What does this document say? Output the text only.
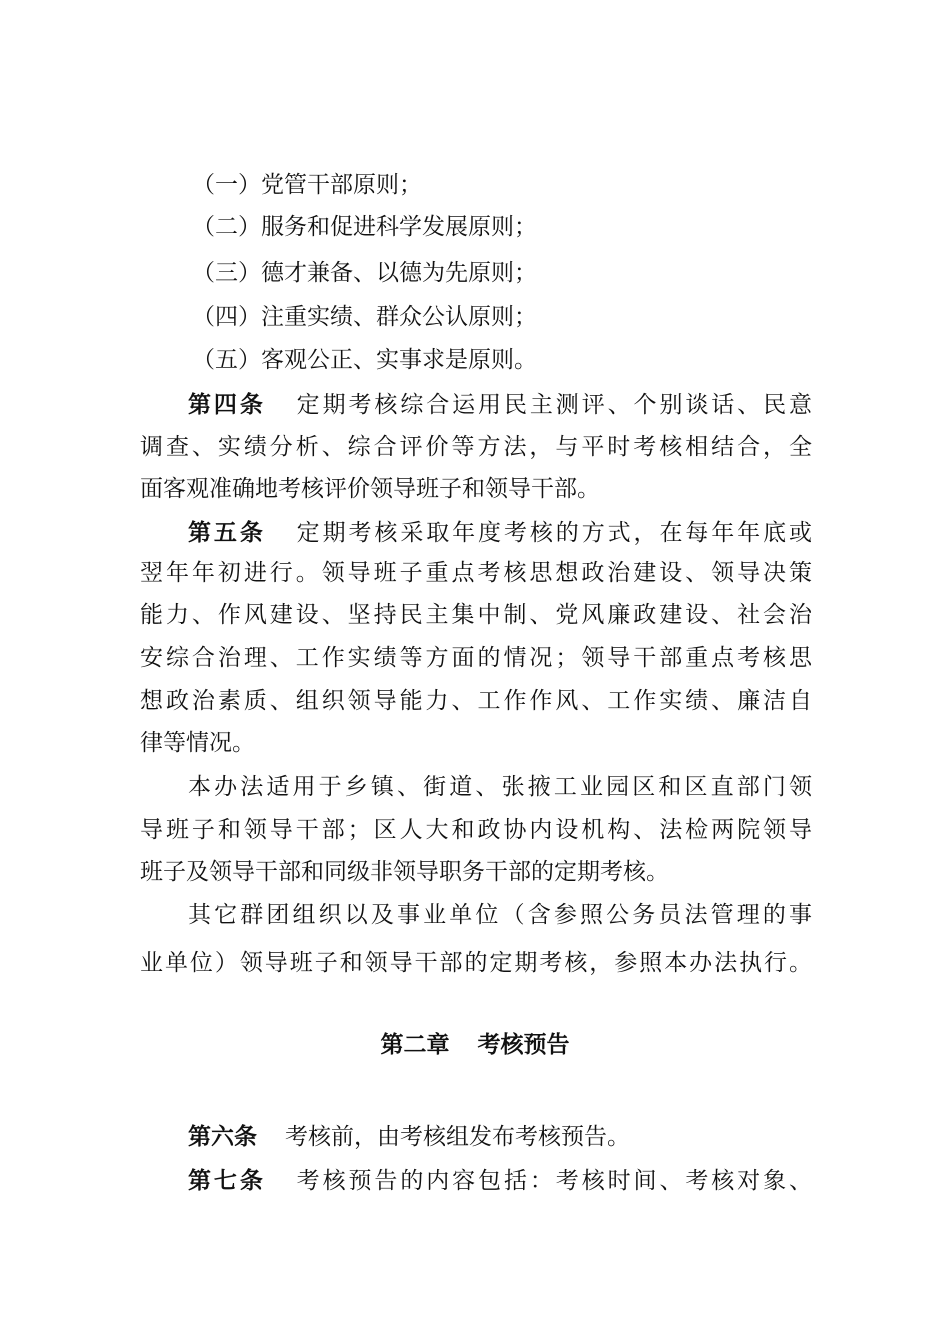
（一）党管干部原则；
（二）服务和促进科学发展原则；
（三）德才兼备、以德为先原则；
（四）注重实绩、群众公认原则；
（五）客观公正、实事求是原则。
第四条 定期考核综合运用民主测评、个别谈话、民意
调查、实绩分析、综合评价等方法，与平时考核相结合，全
面客观准确地考核评价领导班子和领导干部。
第五条 定期考核采取年度考核的方式，在每年年底或
翌年年初进行。领导班子重点考核思想政治建设、领导决策
能力、作风建设、坚持民主集中制、党风廉政建设、社会治
安综合治理、工作实绩等方面的情况；领导干部重点考核思
想政治素质、组织领导能力、工作作风、工作实绩、廉洁自
律等情况。
本办法适用于乡镇、街道、张掖工业园区和区直部门领
导班子和领导干部；区人大和政协内设机构、法检两院领导
班子及领导干部和同级非领导职务干部的定期考核。
其它群团组织以及事业单位（含参照公务员法管理的事
业单位）领导班子和领导干部的定期考核，参照本办法执行。
第二章 考核预告
第六条 考核前，由考核组发布考核预告。
第七条 考核预告的内容包括：考核时间、考核对象、
